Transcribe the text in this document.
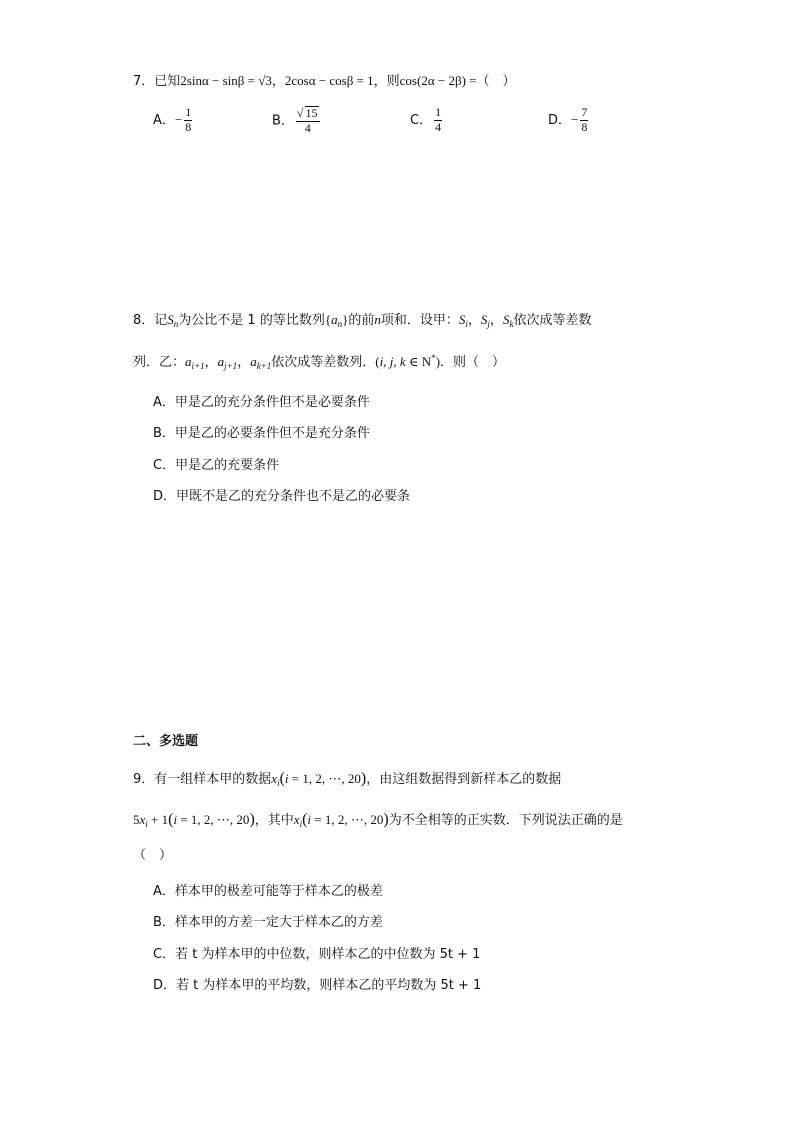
7．已知2sinα − sinβ = √3，2cosα − cosβ = 1，则cos(2α − 2β) =（　）
A．− $\frac{1}{8}$	B． $\frac{√ 15}{4}$	C． $\frac{1}{4}$	D．− $\frac{7}{8}$
8．记$S_n$为公比不是 1 的等比数列$\{a_n\}$的前n项和．设甲：$S_i$，$S_j$，$S_k$依次成等差数
列．乙：$a_{i+1}$，$a_{j+1}$，$a_{k+1}$依次成等差数列．(i, j, k ∈ N*)．则（　）
A．甲是乙的充分条件但不是必要条件
B．甲是乙的必要条件但不是充分条件
C．甲是乙的充要条件
D．甲既不是乙的充分条件也不是乙的必要条
二、多选题
9．有一组样本甲的数据$x_i(i = 1$, 2, ⋯, 20)，由这组数据得到新样本乙的数据
$5x_i + 1(i = 1$, 2, ⋯, 20)，其中$x_i(i = 1$, 2, ⋯, 20)为不全相等的正实数．下列说法正确的是
（　）
A．样本甲的极差可能等于样本乙的极差
B．样本甲的方差一定大于样本乙的方差
C．若 t 为样本甲的中位数，则样本乙的中位数为 5t + 1
D．若 t 为样本甲的平均数，则样本乙的平均数为 5t + 1
